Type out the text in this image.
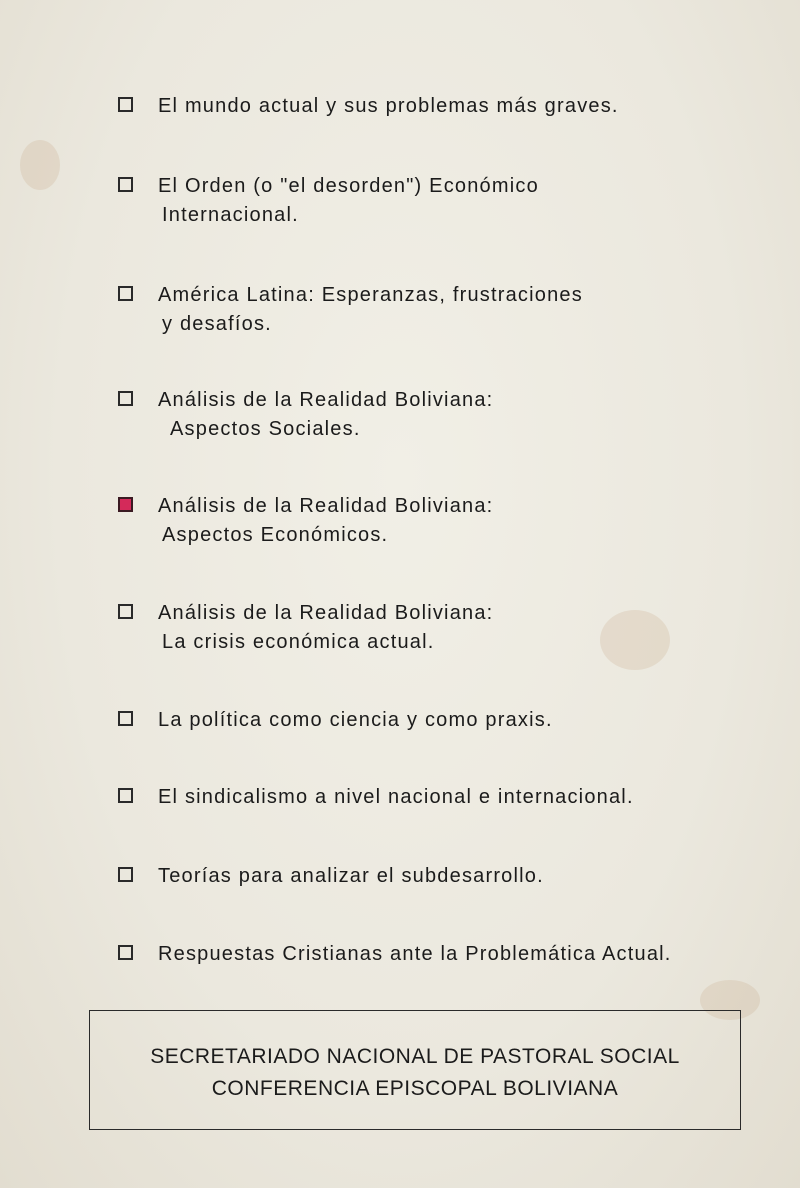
El mundo actual y sus problemas más graves.
El Orden (o "el desorden") Económico
Internacional.
América Latina: Esperanzas, frustraciones
y desafíos.
Análisis de la Realidad Boliviana:
Aspectos Sociales.
Análisis de la Realidad Boliviana:
Aspectos Económicos.
Análisis de la Realidad Boliviana:
La crisis económica actual.
La política como ciencia y como praxis.
El sindicalismo a nivel nacional e internacional.
Teorías para analizar el subdesarrollo.
Respuestas Cristianas ante la Problemática Actual.
SECRETARIADO NACIONAL DE PASTORAL SOCIAL
CONFERENCIA EPISCOPAL BOLIVIANA
